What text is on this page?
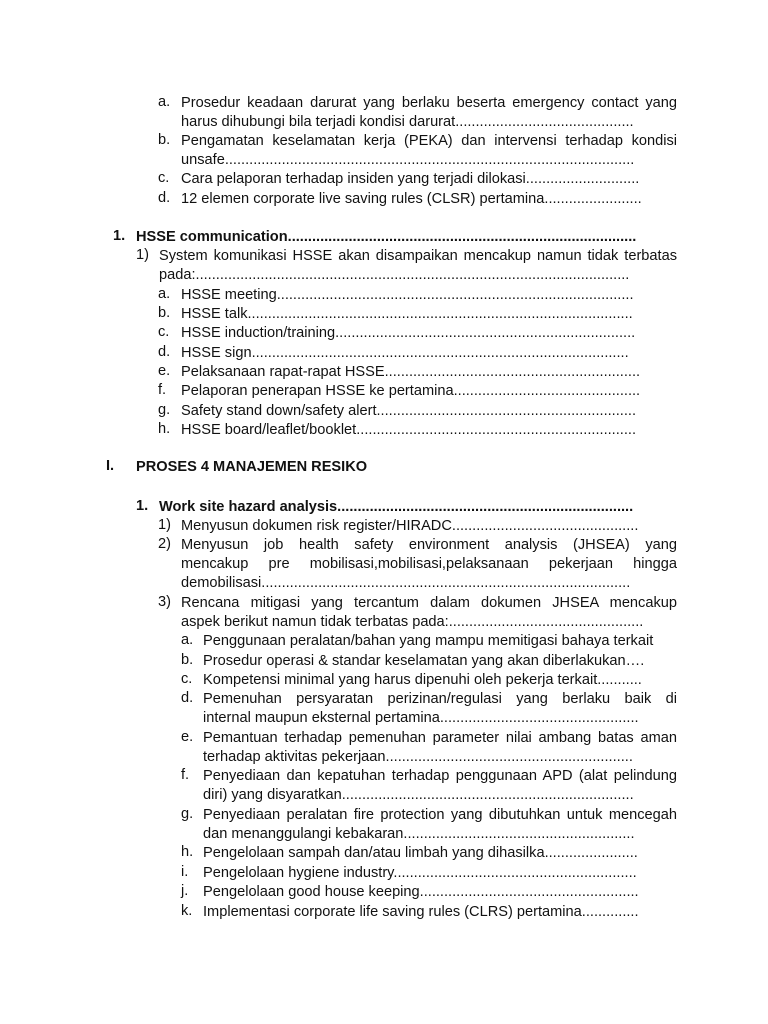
a. Prosedur keadaan darurat yang berlaku beserta emergency contact yang
harus dihubungi bila terjadi kondisi darurat............................................
b. Pengamatan keselamatan kerja (PEKA) dan intervensi terhadap kondisi
unsafe.....................................................................................................
c. Cara pelaporan terhadap insiden yang terjadi dilokasi............................
d. 12 elemen corporate live saving rules (CLSR) pertamina........................
1. HSSE communication......................................................................................
1) System komunikasi HSSE akan disampaikan mencakup namun tidak terbatas
pada:...........................................................................................................
a. HSSE meeting........................................................................................
b. HSSE talk...............................................................................................
c. HSSE induction/training..........................................................................
d. HSSE sign.............................................................................................
e. Pelaksanaan rapat-rapat HSSE...............................................................
f. Pelaporan penerapan HSSE ke pertamina..............................................
g. Safety stand down/safety alert................................................................
h. HSSE board/leaflet/booklet.....................................................................
I. PROSES 4 MANAJEMEN RESIKO
1. Work site hazard analysis.........................................................................
1) Menyusun dokumen risk register/HIRADC..............................................
2) Menyusun job health safety environment analysis (JHSEA) yang
mencakup pre mobilisasi,mobilisasi,pelaksanaan pekerjaan hingga
demobilisasi...........................................................................................
3) Rencana mitigasi yang tercantum dalam dokumen JHSEA mencakup
aspek berikut namun tidak terbatas pada:................................................
a. Penggunaan peralatan/bahan yang mampu memitigasi bahaya terkait
b. Prosedur operasi & standar keselamatan yang akan diberlakukan….
c. Kompetensi minimal yang harus dipenuhi oleh pekerja terkait...........
d. Pemenuhan persyaratan perizinan/regulasi yang berlaku baik di
internal maupun eksternal pertamina.................................................
e. Pemantuan terhadap pemenuhan parameter nilai ambang batas aman
terhadap aktivitas pekerjaan.............................................................
f. Penyediaan dan kepatuhan terhadap penggunaan APD (alat pelindung
diri) yang disyaratkan........................................................................
g. Penyediaan peralatan fire protection yang dibutuhkan untuk mencegah
dan menanggulangi kebakaran.........................................................
h. Pengelolaan sampah dan/atau limbah yang dihasilka.......................
i. Pengelolaan hygiene industry............................................................
j. Pengelolaan good house keeping......................................................
k. Implementasi corporate life saving rules (CLRS) pertamina..............
